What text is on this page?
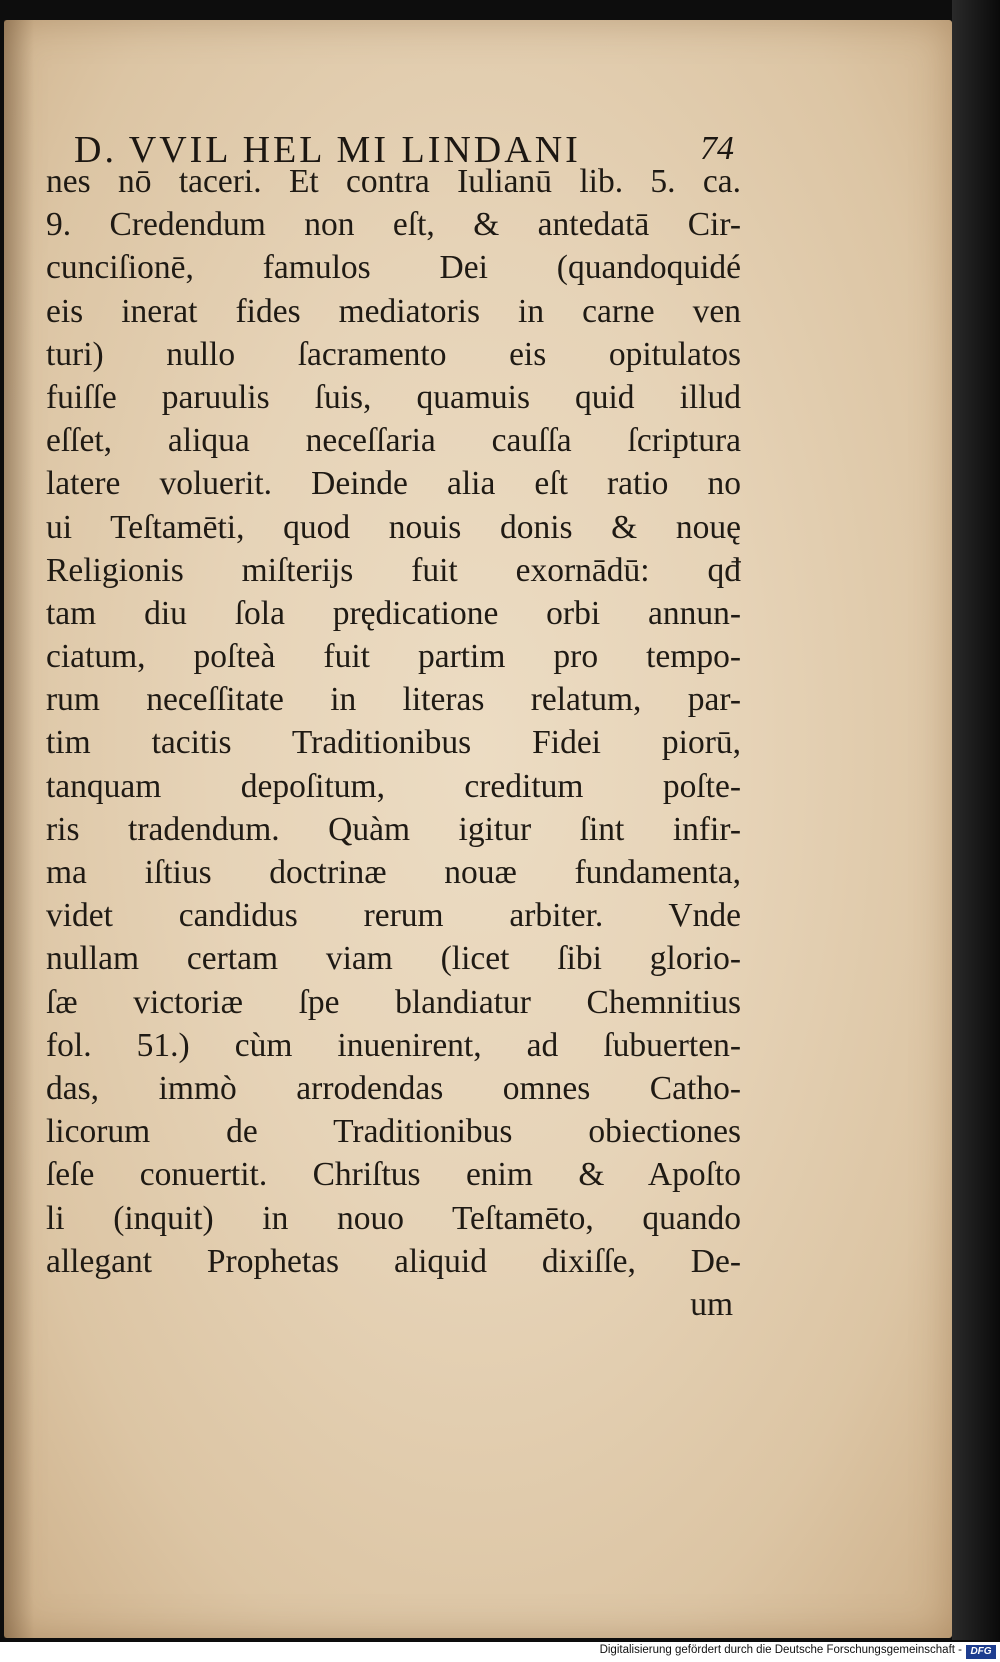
D. VVIL HEL MI LINDANI	74
nes nō taceri. Et contra Iulianū lib. 5. ca.
9. Credendum non eſt, & antedatā Cir-
cunciſionē, famulos Dei (quandoquidé
eis inerat fides mediatoris in carne ven
turi) nullo ſacramento eis opitulatos
fuiſſe paruulis ſuis, quamuis quid illud
eſſet, aliqua neceſſaria cauſſa ſcriptura
latere voluerit. Deinde alia eſt ratio no
ui Teſtamēti, quod nouis donis & nouę
Religionis miſterijs fuit exornādū: qđ
tam diu ſola prędicatione orbi annun-
ciatum, poſteà fuit partim pro tempo-
rum neceſſitate in literas relatum, par-
tim tacitis Traditionibus Fidei piorū,
tanquam depoſitum, creditum poſte-
ris tradendum. Quàm igitur ſint infir-
ma iſtius doctrinæ nouæ fundamenta,
videt candidus rerum arbiter. Vnde
nullam certam viam (licet ſibi glorio-
ſæ victoriæ ſpe blandiatur Chemnitius
fol. 51.) cùm inuenirent, ad ſubuerten-
das, immò arrodendas omnes Catho-
licorum de Traditionibus obiectiones
ſeſe conuertit. Chriſtus enim & Apoſto
li (inquit) in nouo Teſtamēto, quando
allegant Prophetas aliquid dixiſſe, De-
um
Digitalisierung gefördert durch die Deutsche Forschungsgemeinschaft - DFG
